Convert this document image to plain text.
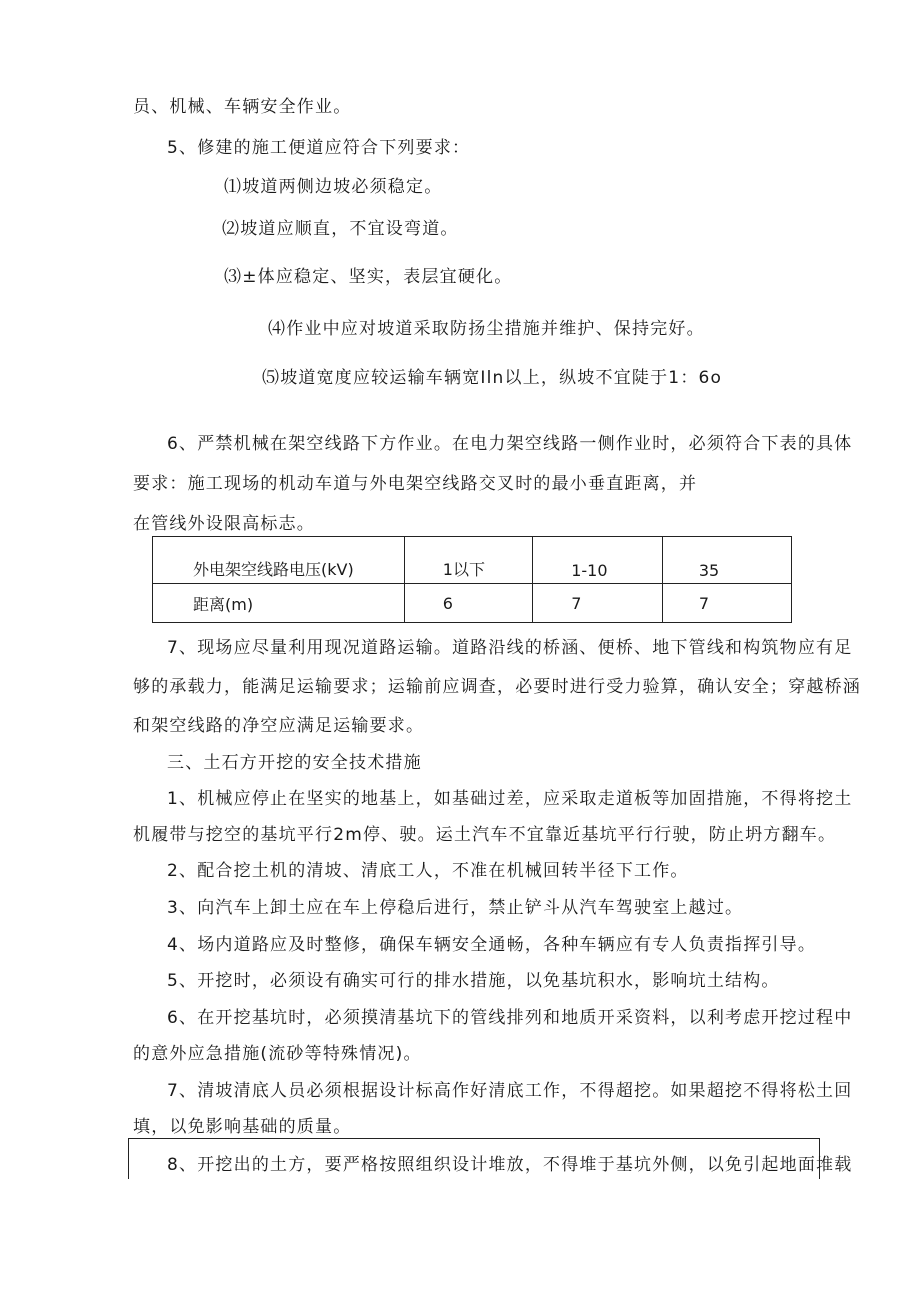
员、机械、车辆安全作业。
5、修建的施工便道应符合下列要求：
⑴坡道两侧边坡必须稳定。
⑵坡道应顺直，不宜设弯道。
⑶±体应稳定、坚实，表层宜硬化。
⑷作业中应对坡道采取防扬尘措施并维护、保持完好。
⑸坡道宽度应较运输车辆宽Iln以上，纵坡不宜陡于1：6o
6、严禁机械在架空线路下方作业。在电力架空线路一侧作业时，必须符合下表的具体
要求：施工现场的机动车道与外电架空线路交叉时的最小垂直距离，并
在管线外设限高标志。
外电架空线路电压(kV)	1以下	1-10	35
距离(m)	6	7	7
7、现场应尽量利用现况道路运输。道路沿线的桥涵、便桥、地下管线和构筑物应有足
够的承载力，能满足运输要求；运输前应调查，必要时进行受力验算，确认安全；穿越桥涵
和架空线路的净空应满足运输要求。
三、土石方开挖的安全技术措施
1、机械应停止在坚实的地基上，如基础过差，应采取走道板等加固措施，不得将挖土
机履带与挖空的基坑平行2m停、驶。运土汽车不宜靠近基坑平行行驶，防止坍方翻车。
2、配合挖土机的清坡、清底工人，不准在机械回转半径下工作。
3、向汽车上卸土应在车上停稳后进行，禁止铲斗从汽车驾驶室上越过。
4、场内道路应及时整修，确保车辆安全通畅，各种车辆应有专人负责指挥引导。
5、开挖时，必须设有确实可行的排水措施，以免基坑积水，影响坑土结构。
6、在开挖基坑时，必须摸清基坑下的管线排列和地质开采资料，以利考虑开挖过程中
的意外应急措施(流砂等特殊情况)。
7、清坡清底人员必须根据设计标高作好清底工作，不得超挖。如果超挖不得将松土回
填，以免影响基础的质量。
8、开挖出的土方，要严格按照组织设计堆放，不得堆于基坑外侧，以免引起地面堆载
